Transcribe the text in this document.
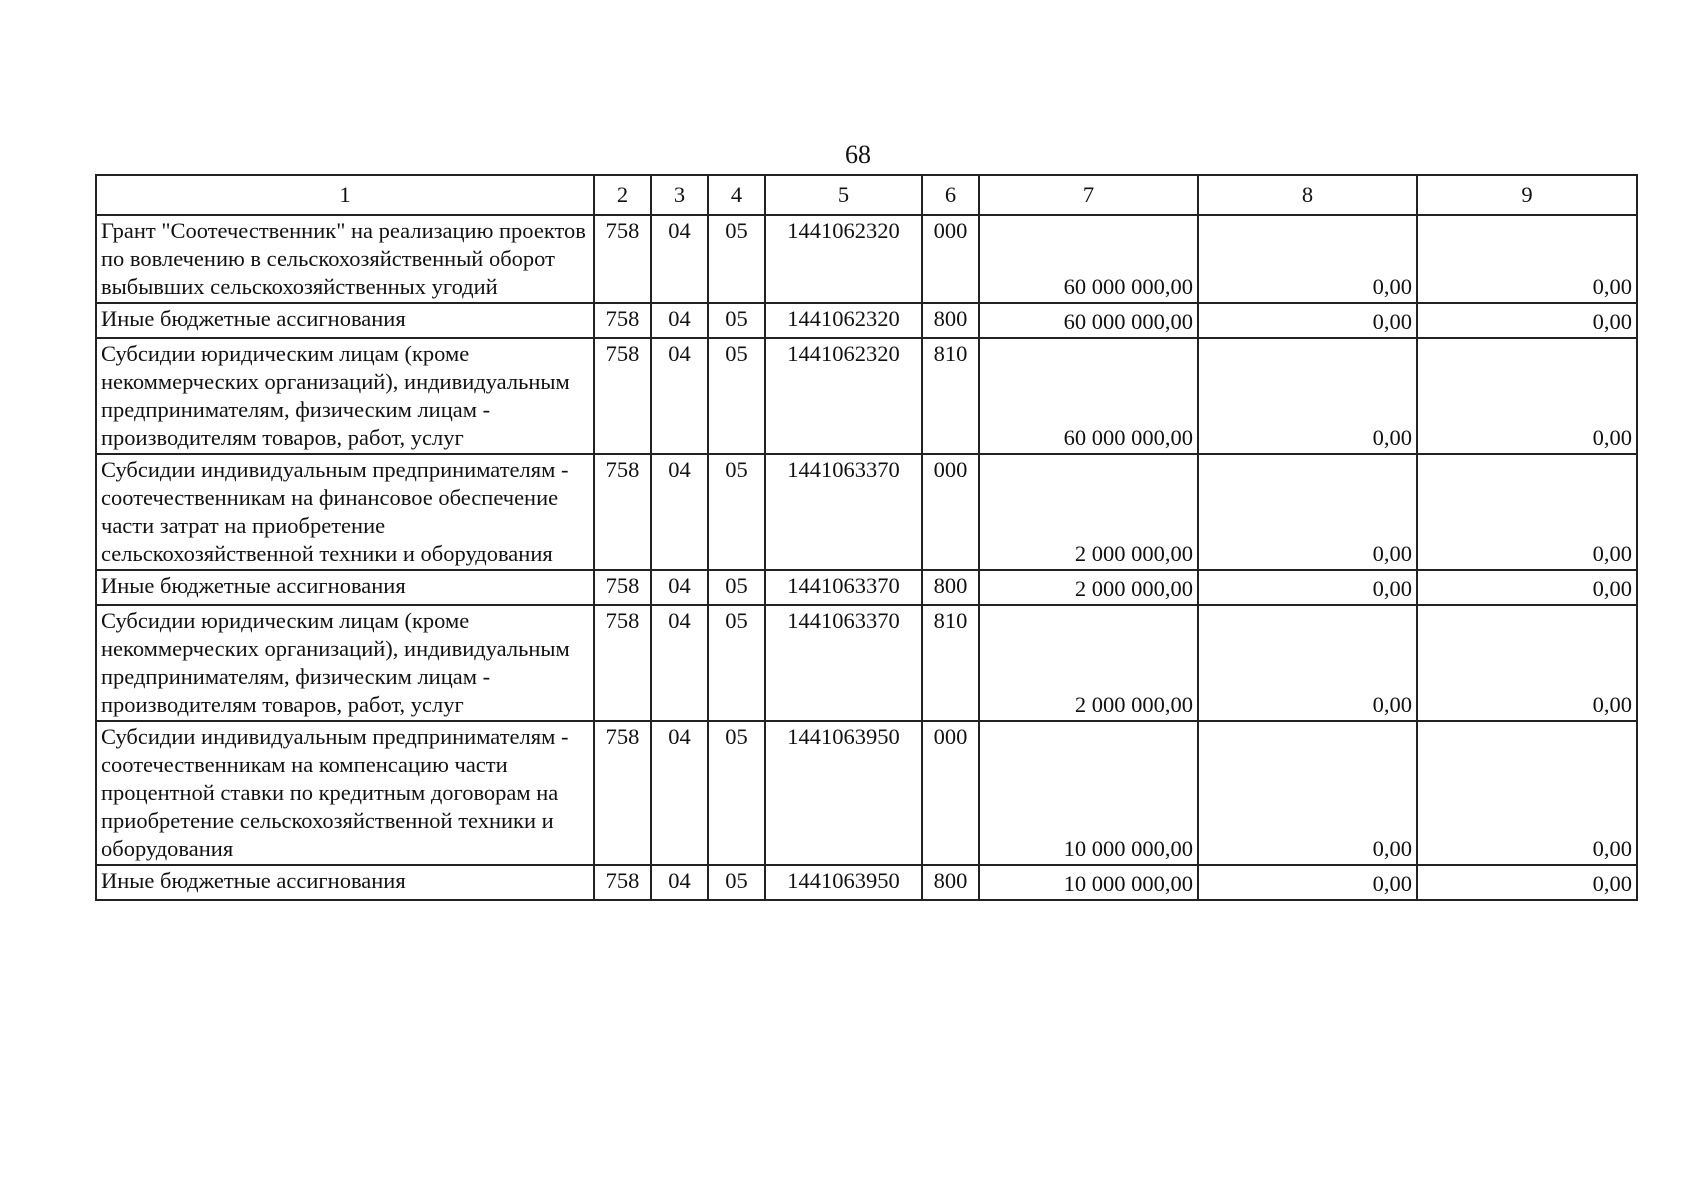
68
1	2	3	4	5	6	7	8	9
Грант "Соотечественник" на реализацию проектов по вовлечению в сельскохозяйственный оборот выбывших сельскохозяйственных угодий	758	04	05	1441062320	000	60 000 000,00	0,00	0,00
Иные бюджетные ассигнования	758	04	05	1441062320	800	60 000 000,00	0,00	0,00
Субсидии юридическим лицам (кроме некоммерческих организаций), индивидуальным предпринимателям, физическим лицам - производителям товаров, работ, услуг	758	04	05	1441062320	810	60 000 000,00	0,00	0,00
Субсидии индивидуальным предпринимателям - соотечественникам на финансовое обеспечение части затрат на приобретение сельскохозяйственной техники и оборудования	758	04	05	1441063370	000	2 000 000,00	0,00	0,00
Иные бюджетные ассигнования	758	04	05	1441063370	800	2 000 000,00	0,00	0,00
Субсидии юридическим лицам (кроме некоммерческих организаций), индивидуальным предпринимателям, физическим лицам - производителям товаров, работ, услуг	758	04	05	1441063370	810	2 000 000,00	0,00	0,00
Субсидии индивидуальным предпринимателям - соотечественникам на компенсацию части процентной ставки по кредитным договорам на приобретение сельскохозяйственной техники и оборудования	758	04	05	1441063950	000	10 000 000,00	0,00	0,00
Иные бюджетные ассигнования	758	04	05	1441063950	800	10 000 000,00	0,00	0,00
